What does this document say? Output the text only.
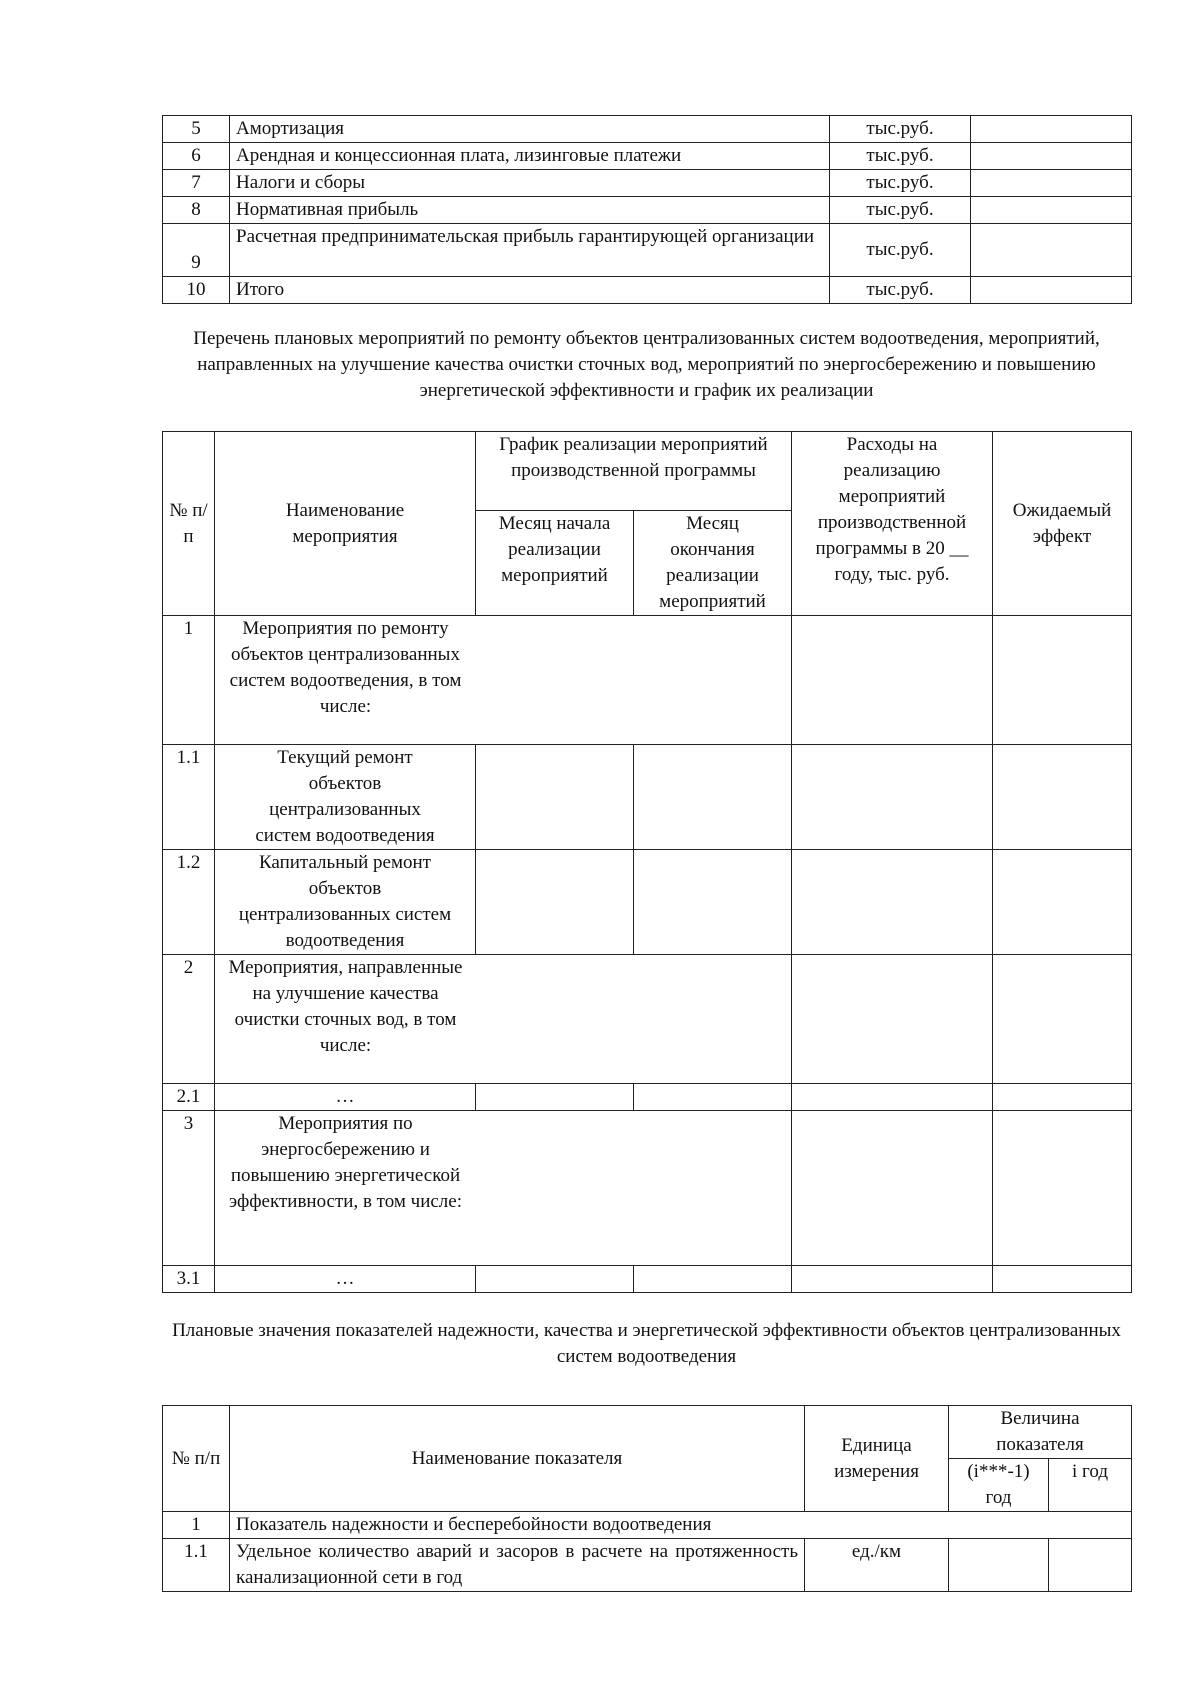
5	Амортизация	тыс.руб.	
6	Арендная и концессионная плата, лизинговые платежи	тыс.руб.	
7	Налоги и сборы	тыс.руб.	
8	Нормативная прибыль	тыс.руб.	
9	Расчетная предпринимательская прибыль гарантирующей организации	тыс.руб.	
10	Итого	тыс.руб.	
Перечень плановых мероприятий по ремонту объектов централизованных систем водоотведения, мероприятий, направленных на улучшение качества очистки сточных вод, мероприятий по энергосбережению и повышению энергетической эффективности и график их реализации
№ п/п	Наименование мероприятия	График реализации мероприятий производственной программы		Расходы на реализацию мероприятий производственной программы в 20 __ году, тыс. руб.	Ожидаемый эффект
		Месяц начала реализации мероприятий	Месяц окончания реализации мероприятий		
1	Мероприятия по ремонту объектов централизованных систем водоотведения, в том числе:				

1.1	Текущий ремонт объектов централизованных систем водоотведения				
1.2	Капитальный ремонт объектов централизованных систем водоотведения				
2	Мероприятия, направленные на улучшение качества очистки сточных вод, в том числе:				

2.1	…				
3	Мероприятия по энергосбережению и повышению энергетической эффективности, в том числе:				

3.1	…				
Плановые значения показателей надежности, качества и энергетической эффективности объектов централизованных систем водоотведения
№ п/п	Наименование показателя	Единица измерения	Величина показателя	
			(i***-1) год	i год
1	Показатель надежности и бесперебойности водоотведения			
1.1	Удельное количество аварий и засоров в расчете на протяженность канализационной сети в год	ед./км		
